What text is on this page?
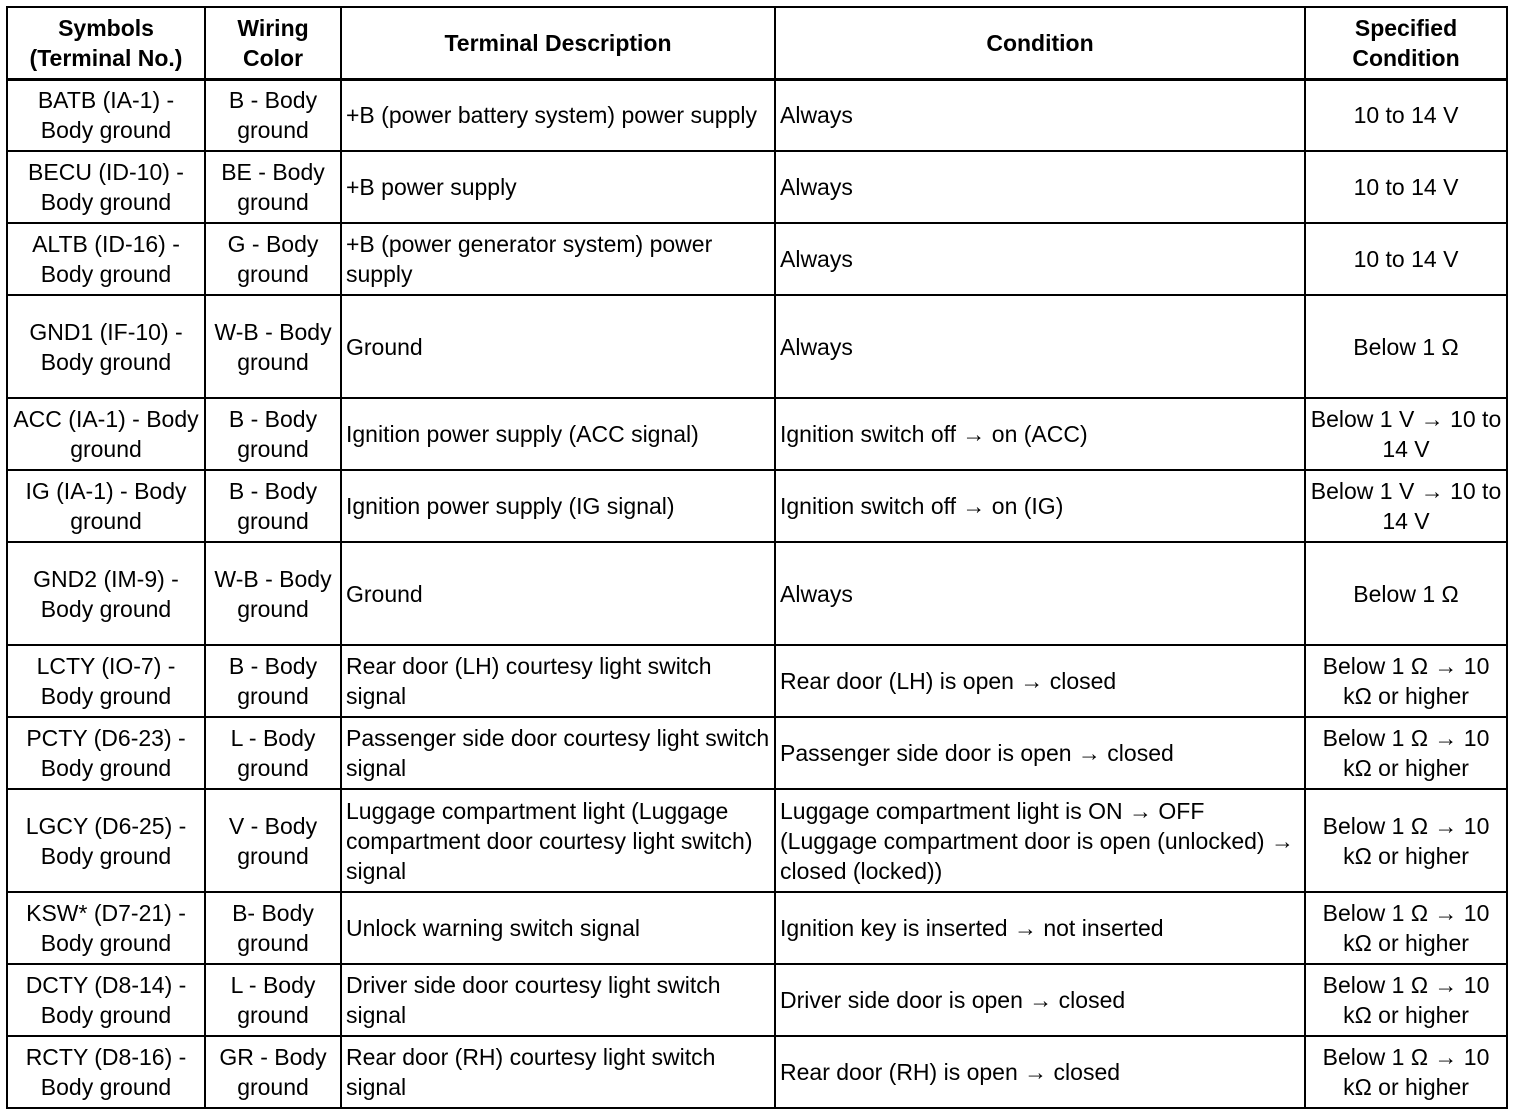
Symbols (Terminal No.)	Wiring Color	Terminal Description	Condition	Specified Condition
BATB (IA-1) - Body ground	B - Body ground	+B (power battery system) power supply	Always	10 to 14 V
BECU (ID-10) - Body ground	BE - Body ground	+B power supply	Always	10 to 14 V
ALTB (ID-16) - Body ground	G - Body ground	+B (power generator system) power supply	Always	10 to 14 V
GND1 (IF-10) - Body ground	W-B - Body ground	Ground	Always	Below 1 Ω
ACC (IA-1) - Body ground	B - Body ground	Ignition power supply (ACC signal)	Ignition switch off → on (ACC)	Below 1 V → 10 to 14 V
IG (IA-1) - Body ground	B - Body ground	Ignition power supply (IG signal)	Ignition switch off → on (IG)	Below 1 V → 10 to 14 V
GND2 (IM-9) - Body ground	W-B - Body ground	Ground	Always	Below 1 Ω
LCTY (IO-7) - Body ground	B - Body ground	Rear door (LH) courtesy light switch signal	Rear door (LH) is open → closed	Below 1 Ω → 10 kΩ or higher
PCTY (D6-23) - Body ground	L - Body ground	Passenger side door courtesy light switch signal	Passenger side door is open → closed	Below 1 Ω → 10 kΩ or higher
LGCY (D6-25) - Body ground	V - Body ground	Luggage compartment light (Luggage compartment door courtesy light switch) signal	Luggage compartment light is ON → OFF (Luggage compartment door is open (unlocked) → closed (locked))	Below 1 Ω → 10 kΩ or higher
KSW* (D7-21) - Body ground	B- Body ground	Unlock warning switch signal	Ignition key is inserted → not inserted	Below 1 Ω → 10 kΩ or higher
DCTY (D8-14) - Body ground	L - Body ground	Driver side door courtesy light switch signal	Driver side door is open → closed	Below 1 Ω → 10 kΩ or higher
RCTY (D8-16) - Body ground	GR - Body ground	Rear door (RH) courtesy light switch signal	Rear door (RH) is open → closed	Below 1 Ω → 10 kΩ or higher
